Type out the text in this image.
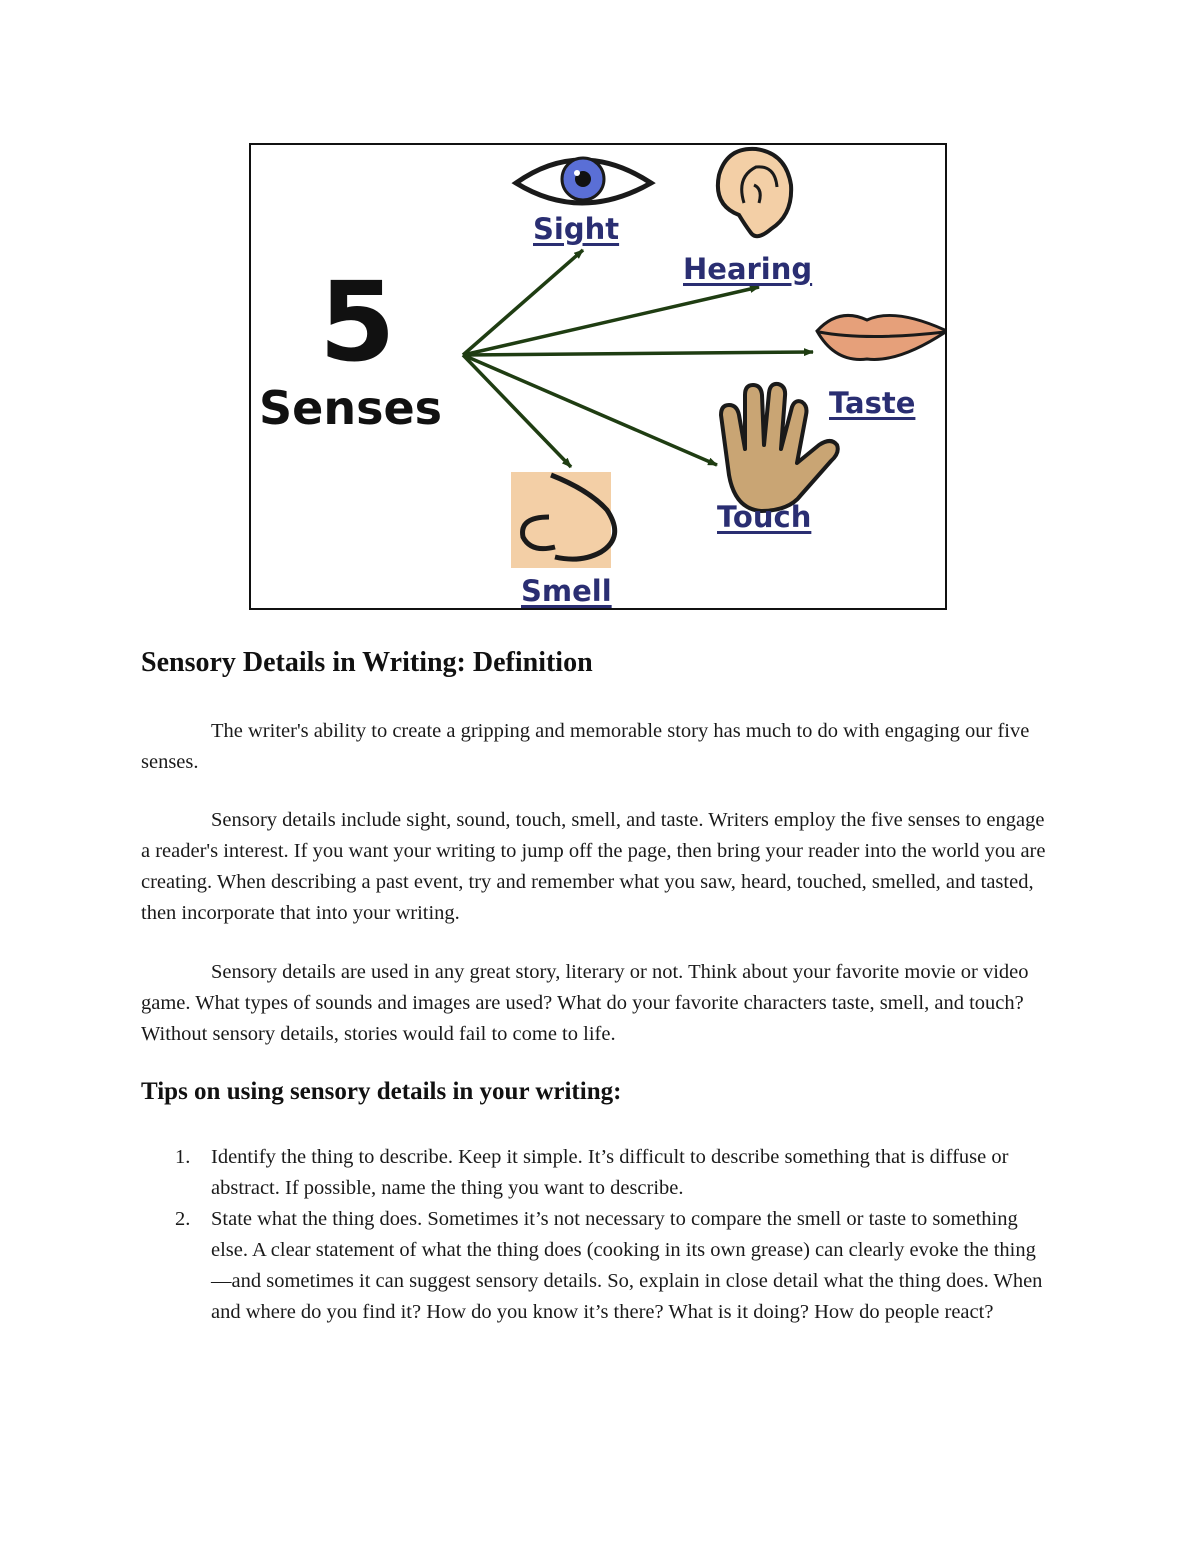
5
Senses
Sight
Hearing
Taste
Touch
Smell
Sensory Details in Writing: Definition

The writer's ability to create a gripping and memorable story has much to do with engaging our five senses.

Sensory details include sight, sound, touch, smell, and taste. Writers employ the five senses to engage a reader's interest. If you want your writing to jump off the page, then bring your reader into the world you are creating. When describing a past event, try and remember what you saw, heard, touched, smelled, and tasted, then incorporate that into your writing.

Sensory details are used in any great story, literary or not. Think about your favorite movie or video game. What types of sounds and images are used? What do your favorite characters taste, smell, and touch? Without sensory details, stories would fail to come to life.

Tips on using sensory details in your writing:
1. Identify the thing to describe. Keep it simple. It’s difficult to describe something that is diffuse or abstract. If possible, name the thing you want to describe.
2. State what the thing does. Sometimes it’s not necessary to compare the smell or taste to something else. A clear statement of what the thing does (cooking in its own grease) can clearly evoke the thing—and sometimes it can suggest sensory details. So, explain in close detail what the thing does. When and where do you find it? How do you know it’s there? What is it doing? How do people react?
